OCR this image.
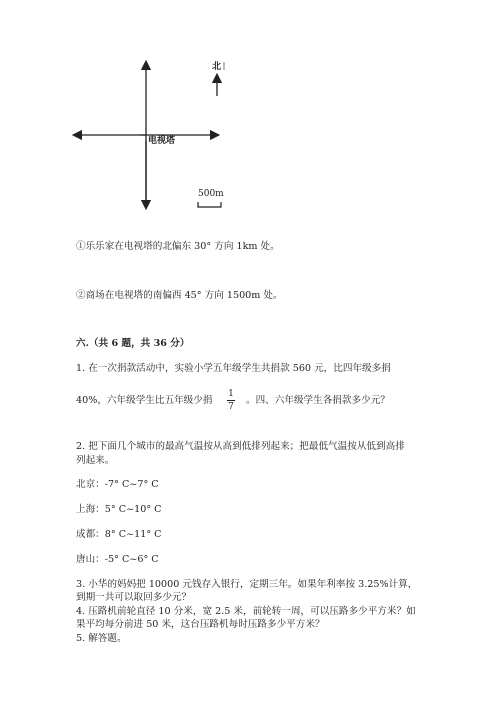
北
电视塔
500m
①乐乐家在电视塔的北偏东 30° 方向 1km 处。
②商场在电视塔的南偏西 45° 方向 1500m 处。
六.（共 6 题，共 36 分）
1. 在一次捐款活动中，实验小学五年级学生共捐款 560 元，比四年级多捐
40%，六年级学生比五年级少捐
1
7
。四、六年级学生各捐款多少元？
2. 把下面几个城市的最高气温按从高到低排列起来；把最低气温按从低到高排
列起来。
北京：-7° C~7° C
上海：5° C~10° C
成都：8° C~11° C
唐山：-5° C~6° C
3. 小华的妈妈把 10000 元钱存入银行，定期三年。如果年利率按 3.25%计算，
到期一共可以取回多少元？
4. 压路机前轮直径 10 分米，宽 2.5 米，前轮转一周，可以压路多少平方米？如
果平均每分前进 50 米，这台压路机每时压路多少平方米？
5. 解答题。
